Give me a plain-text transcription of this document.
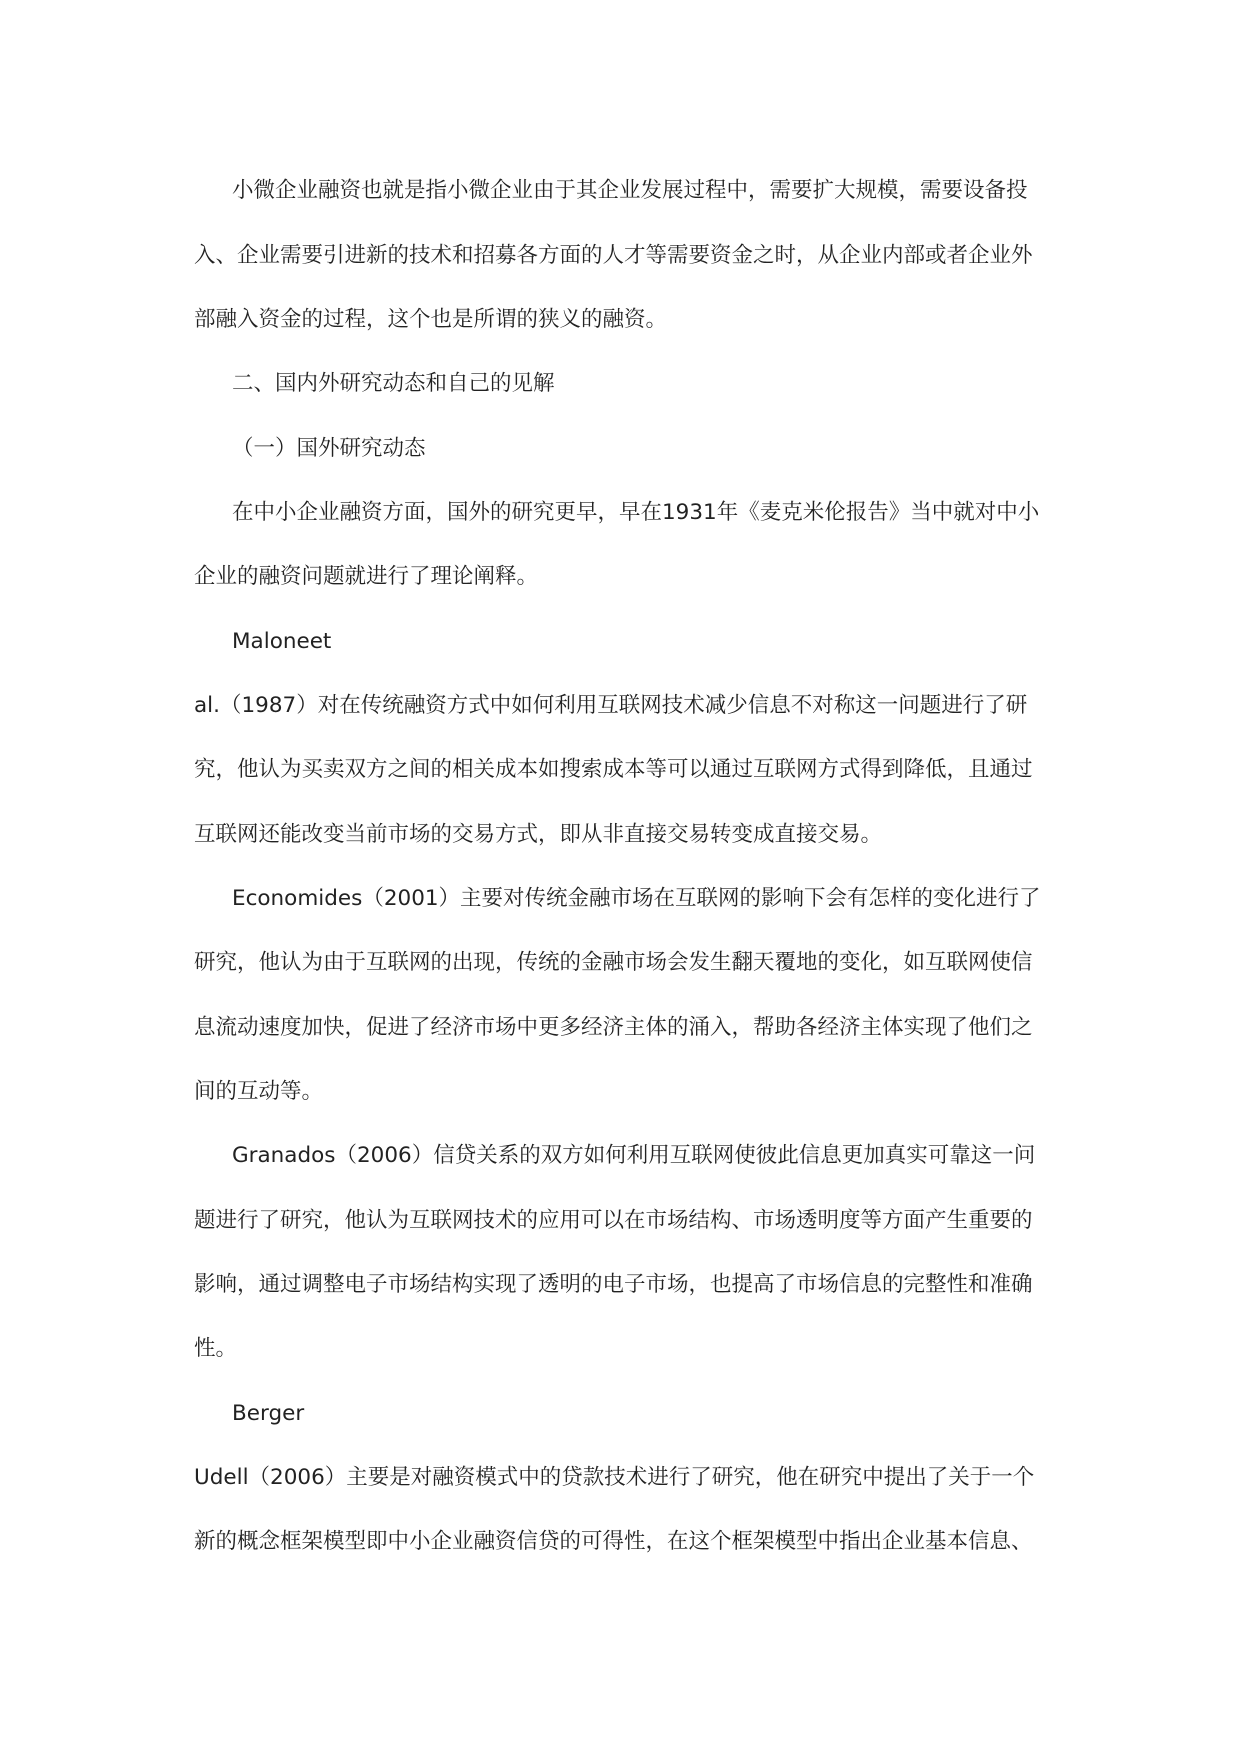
小微企业融资也就是指小微企业由于其企业发展过程中，需要扩大规模，需要设备投
入、企业需要引进新的技术和招募各方面的人才等需要资金之时，从企业内部或者企业外
部融入资金的过程，这个也是所谓的狭义的融资。
二、国内外研究动态和自己的见解
（一）国外研究动态
在中小企业融资方面，国外的研究更早，早在1931年《麦克米伦报告》当中就对中小
企业的融资问题就进行了理论阐释。
Maloneet
al.（1987）对在传统融资方式中如何利用互联网技术减少信息不对称这一问题进行了研
究，他认为买卖双方之间的相关成本如搜索成本等可以通过互联网方式得到降低，且通过
互联网还能改变当前市场的交易方式，即从非直接交易转变成直接交易。
Economides（2001）主要对传统金融市场在互联网的影响下会有怎样的变化进行了
研究，他认为由于互联网的出现，传统的金融市场会发生翻天覆地的变化，如互联网使信
息流动速度加快，促进了经济市场中更多经济主体的涌入，帮助各经济主体实现了他们之
间的互动等。
Granados（2006）信贷关系的双方如何利用互联网使彼此信息更加真实可靠这一问
题进行了研究，他认为互联网技术的应用可以在市场结构、市场透明度等方面产生重要的
影响，通过调整电子市场结构实现了透明的电子市场，也提高了市场信息的完整性和准确
性。
Berger
Udell（2006）主要是对融资模式中的贷款技术进行了研究，他在研究中提出了关于一个
新的概念框架模型即中小企业融资信贷的可得性，在这个框架模型中指出企业基本信息、
